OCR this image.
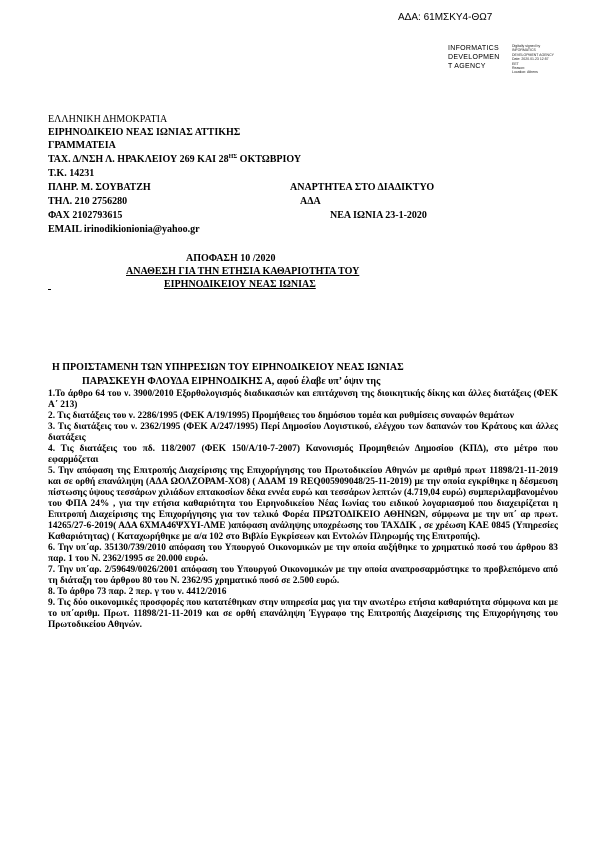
ΑΔΑ: 61ΜΣΚΥ4-ΘΩ7
INFORMATICS
DEVELOPMEN
T AGENCY
Digitally signed by
INFORMATICS
DEVELOPMENT AGENCY
Date: 2020.01.23 12:57
EET
Reason:
Location: Athens
ΕΛΛΗΝΙΚΗ ΔΗΜΟΚΡΑΤΙΑ
ΕΙΡΗΝΟΔΙΚΕΙΟ ΝΕΑΣ ΙΩΝΙΑΣ ΑΤΤΙΚΗΣ
ΓΡΑΜΜΑΤΕΙΑ
ΤΑΧ. Δ/ΝΣΗ Λ. ΗΡΑΚΛΕΙΟΥ 269 ΚΑΙ $28^{H\Sigma}$ ΟΚΤΩΒΡΙΟΥ
Τ.Κ. 14231
ΠΛΗΡ. Μ. ΣΟΥΒΑΤΖΗ
ΤΗΛ. 210 2756280
ΦΑΧ 2102793615
EMAIL irinodikionionia@yahoo.gr
ΑΝΑΡΤΗΤΕΑ ΣΤΟ ΔΙΑΔΙΚΤΥΟ
ΑΔΑ
ΝΕΑ ΙΩΝΙΑ 23-1-2020
ΑΠΟΦΑΣΗ 10 /2020
ΑΝΑΘΕΣΗ ΓΙΑ ΤΗΝ ΕΤΗΣΙΑ ΚΑΘΑΡΙΟΤΗΤΑ ΤΟΥ
ΕΙΡΗΝΟΔΙΚΕΙΟΥ ΝΕΑΣ ΙΩΝΙΑΣ
Η ΠΡΟΙΣΤΑΜΕΝΗ ΤΩΝ ΥΠΗΡΕΣΙΩΝ ΤΟΥ ΕΙΡΗΝΟΔΙΚΕΙΟΥ ΝΕΑΣ ΙΩΝΙΑΣ
ΠΑΡΑΣΚΕΥΗ ΦΛΟΥΔΑ ΕΙΡΗΝΟΔΙΚΗΣ Α, αφού έλαβε υπ’ όψιν της

1.Το άρθρο 64 του ν. 3900/2010 Εξορθολογισμός διαδικασιών και επιτάχυνση της διοικητικής δίκης και άλλες διατάξεις (ΦΕΚ Α΄ 213)

2. Τις διατάξεις του ν. 2286/1995 (ΦΕΚ Α/19/1995) Προμήθειες του δημόσιου τομέα και ρυθμίσεις συναφών θεμάτων

3. Τις διατάξεις του ν. 2362/1995 (ΦΕΚ Α/247/1995) Περί Δημοσίου Λογιστικού, ελέγχου των δαπανών του Κράτους και άλλες διατάξεις

4. Τις διατάξεις του πδ. 118/2007 (ΦΕΚ 150/Α/10-7-2007) Κανονισμός Προμηθειών Δημοσίου (ΚΠΔ), στο μέτρο που εφαρμόζεται

5. Την απόφαση της Επιτροπής Διαχείρισης της Επιχορήγησης του Πρωτοδικείου Αθηνών με αριθμό πρωτ 11898/21-11-2019 και σε ορθή επανάληψη (ΑΔΑ ΩΟΛΖΟΡΑΜ-ΧΟ8) ( ΑΔΑΜ 19 REQ005909048/25-11-2019) με την οποία εγκρίθηκε η δέσμευση πίστωσης ύψους τεσσάρων χιλιάδων επτακοσίων δέκα εννέα ευρώ και τεσσάρων λεπτών (4.719,04 ευρώ) συμπεριλαμβανομένου του ΦΠΑ 24% , για την ετήσια καθαριότητα του Ειρηνοδικείου Νέας Ιωνίας του ειδικού λογαριασμού που διαχειρίζεται η Επιτροπή Διαχείρισης της Επιχορήγησης για τον τελικό Φορέα ΠΡΩΤΟΔΙΚΕΙΟ ΑΘΗΝΩΝ, σύμφωνα με την υπ΄ αρ πρωτ. 14265/27-6-2019( ΑΔΑ 6ΧΜΑ46ΨΧΥΙ-ΛΜΕ )απόφαση ανάληψης υποχρέωσης του ΤΑΧΔΙΚ , σε χρέωση ΚΑΕ 0845 (Υπηρεσίες Καθαριότητας) ( Καταχωρήθηκε με α/α 102 στο Βιβλίο Εγκρίσεων και Εντολών Πληρωμής της Επιτροπής).

6. Την υπ΄αρ. 35130/739/2010 απόφαση του Υπουργού Οικονομικών με την οποία αυξήθηκε το χρηματικό ποσό του άρθρου 83 παρ. 1 του Ν. 2362/1995 σε 20.000 ευρώ.

7. Την υπ΄αρ. 2/59649/0026/2001 απόφαση του Υπουργού Οικονομικών με την οποία αναπροσαρμόστηκε το προβλεπόμενο από τη διάταξη του άρθρου 80 του Ν. 2362/95 χρηματικό ποσό σε 2.500 ευρώ.

8. Το άρθρο 73 παρ. 2 περ. γ του ν. 4412/2016

9. Τις δύο οικονομικές προσφορές που κατατέθηκαν στην υπηρεσία μας για την ανωτέρω ετήσια καθαριότητα σύμφωνα και με το υπ΄αριθμ. Πρωτ. 11898/21-11-2019 και σε ορθή επανάληψη Έγγραφο της Επιτροπής Διαχείρισης της Επιχορήγησης του Πρωτοδικείου Αθηνών.
